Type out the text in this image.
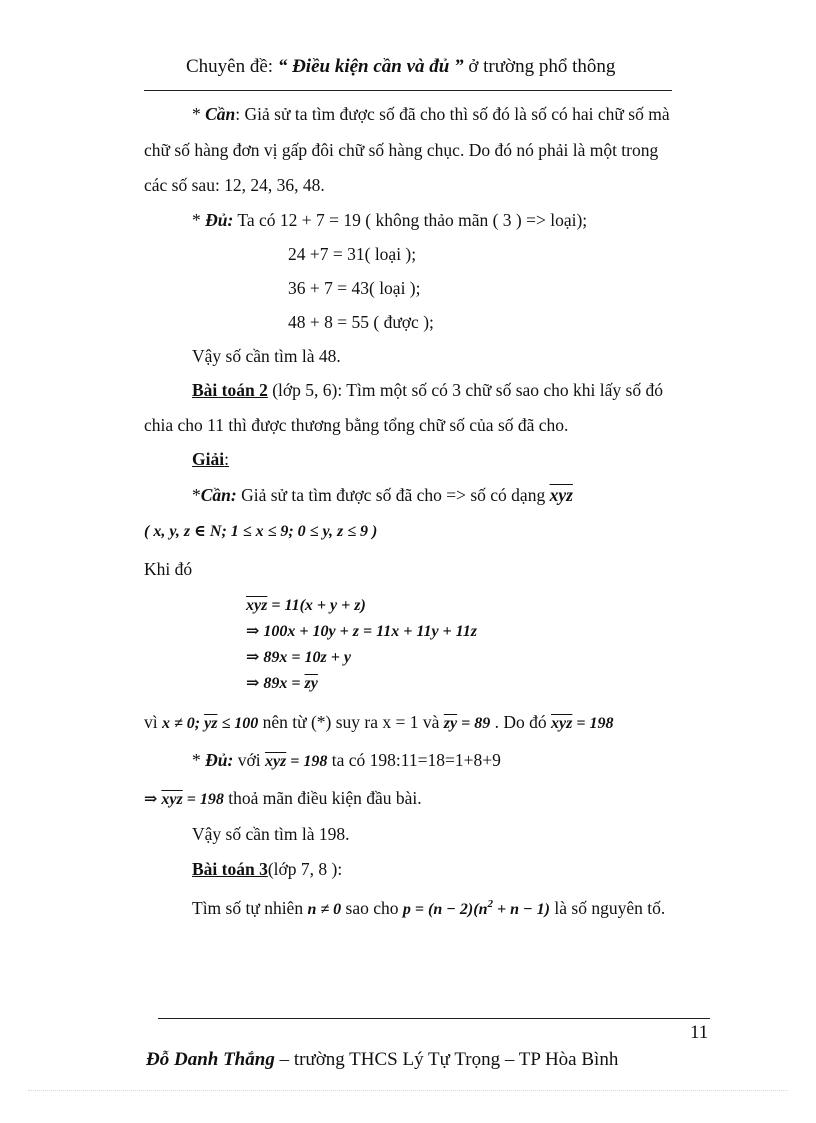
Chuyên đề: “ Điều kiện cần và đủ ” ở trường phổ thông
* Cần: Giả sử ta tìm được số đã cho thì số đó là số có hai chữ số mà
chữ số hàng đơn vị gấp đôi chữ số hàng chục. Do đó nó phải là một trong
các số sau: 12, 24, 36, 48.
* Đủ: Ta có 12 + 7 = 19 ( không thảo mãn ( 3 ) => loại);
24 +7 = 31( loại );
36 + 7 = 43( loại );
48 + 8 = 55 ( được );
Vậy số cần tìm là 48.
Bài toán 2 (lớp 5, 6): Tìm một số có 3 chữ số sao cho khi lấy số đó
chia cho 11 thì được thương bằng tổng chữ số của số đã cho.
Giải:
*Cần: Giả sử ta tìm được số đã cho => số có dạng $\overline{xyz}$
( x, y, z ∈ N; 1 ≤ x ≤ 9; 0 ≤ y, z ≤ 9 )
Khi đó
$\overline{xyz} = 11(x + y + z)$
⇒ 100x + 10y + z = 11x + 11y + 11z
⇒ 89x = 10z + y
⇒ $89x = \overline{zy}$
vì x ≠ 0; $\overline{yz} \le 100$ nên từ (*) suy ra x = 1 và $\overline{zy} = 89$ . Do đó $\overline{xyz} = 198$
* Đủ: với $\overline{xyz} = 198$ ta có 198:11=18=1+8+9
⇒ $\overline{xyz} = 198$ thoả mãn điều kiện đầu bài.
Vậy số cần tìm là 198.
Bài toán 3(lớp 7, 8 ):
Tìm số tự nhiên n ≠ 0 sao cho $p = (n - 2)(n^2 + n - 1)$ là số nguyên tố.
11
Đỗ Danh Thắng – trường THCS Lý Tự Trọng – TP Hòa Bình
